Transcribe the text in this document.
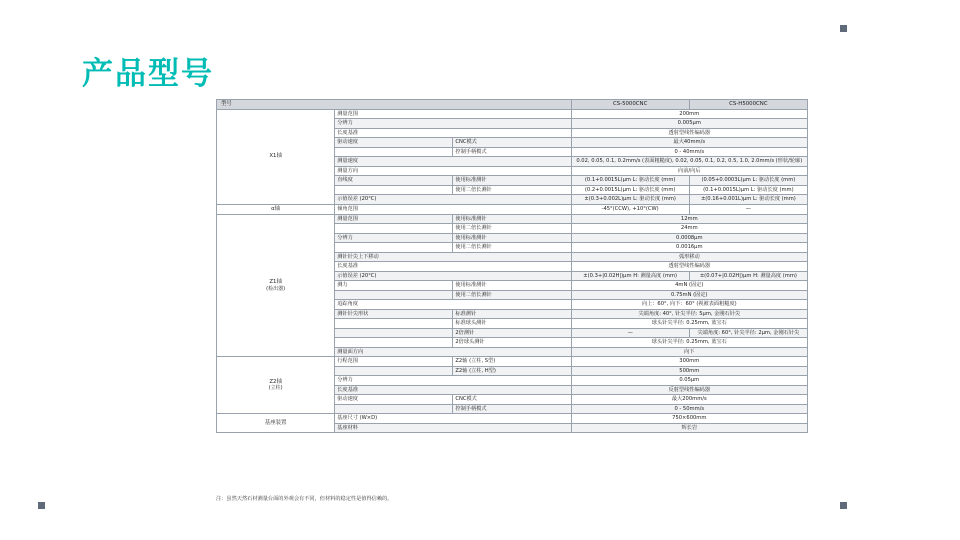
产品型号
型号			CS-5000CNC	CS-H5000CNC
X1轴	测量范围		200mm	
	分辨力		0.005μm	
	长度基准		透射型线性编码器	
	驱动速度	CNC模式	最大40mm/s	
		控制手柄模式	0 - 40mm/s	
	测量速度		0.02, 0.05, 0.1, 0.2mm/s (表面粗糙度), 0.02, 0.05, 0.1, 0.2, 0.5, 1.0, 2.0mm/s (形状/轮廓)	
	测量方向		向前/向后	
	直线度	使用标准测针	(0.1+0.0015L)μm L: 驱动长度 (mm)	(0.05+0.0003L)μm L: 驱动长度 (mm)
		使用二倍长测针	(0.2+0.0015L)μm L: 驱动长度 (mm)	(0.1+0.0015L)μm L: 驱动长度 (mm)
	示值误差 (20°C)		±(0.3+0.002L)μm L: 驱动长度 (mm)	±(0.16+0.001L)μm L: 驱动长度 (mm)
α轴	倾角范围		-45°(CCW), +10°(CW)	—
Z1轴
(检出器)	测量范围	使用标准测针	12mm	
		使用二倍长测针	24mm	
	分辨力	使用标准测针	0.0008μm	
		使用二倍长测针	0.0016μm	
	测针针尖上下移动		弧形移动	
	长度基准		透射型线性编码器	
	示值误差 (20°C)		±(0.3+|0.02H|)μm H: 测量高度 (mm)	±(0.07+|0.02H|)μm H: 测量高度 (mm)
	测力	使用标准测针	4mN (固定)	
		使用二倍长测针	0.75mN (固定)	
	追踪角度		向上：60°, 向下：60° (视被表面粗糙度)	
	测针针尖形状	标准测针	尖端角度: 40°, 针尖半径: 5μm, 金刚石针尖	
		标准球头测针	球头针尖半径: 0.25mm, 蓝宝石	
		2倍测针	—	尖端角度: 60°, 针尖半径: 2μm, 金刚石针尖
		2倍球头测针	球头针尖半径: 0.25mm, 蓝宝石	
	测量面方向		向下	
Z2轴
(立柱)	行程范围	Z2轴 (立柱, S型)	300mm	
		Z2轴 (立柱, H型)	500mm	
	分辨力		0.05μm	
	长度基准		反射型线性编码器	
	驱动速度	CNC模式	最大200mm/s	
		控制手柄模式	0 - 50mm/s	
基座装置	基座尺寸 (W×D)		750×600mm	
	基座材料		辉长岩	
注：虽然天然石材测量台面的外观会有不同，但材料的稳定性是值得信赖的。
